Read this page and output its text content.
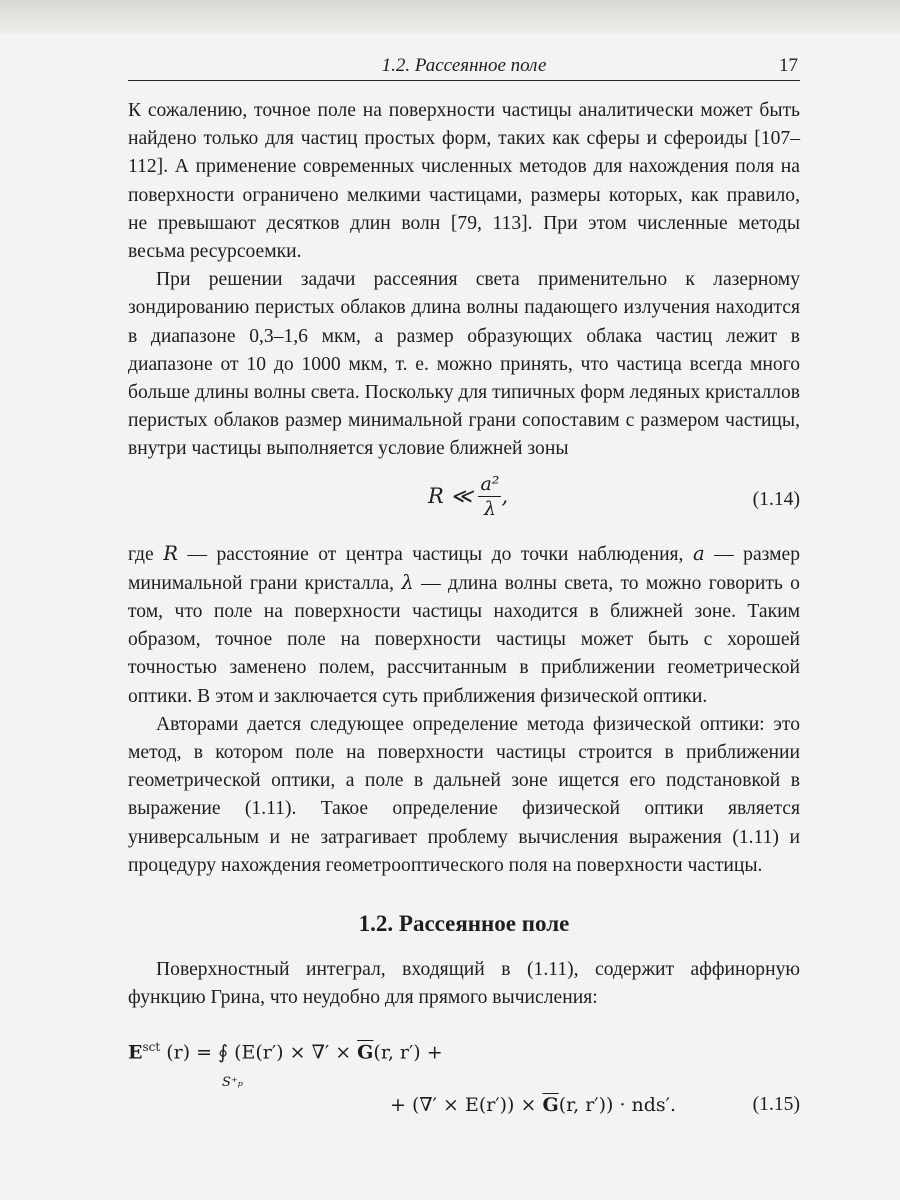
1.2. Рассеянное поле	17

К сожалению, точное поле на поверхности частицы аналитически может быть найдено только для частиц простых форм, таких как сферы и сфероиды [107–112]. А применение современных численных методов для нахождения поля на поверхности ограничено мелкими частицами, размеры которых, как правило, не превышают десятков длин волн [79, 113]. При этом численные методы весьма ресурсоемки.

При решении задачи рассеяния света применительно к лазерному зондированию перистых облаков длина волны падающего излучения находится в диапазоне 0,3–1,6 мкм, а размер образующих облака частиц лежит в диапазоне от 10 до 1000 мкм, т. е. можно принять, что частица всегда много больше длины волны света. Поскольку для типичных форм ледяных кристаллов перистых облаков размер минимальной грани сопоставим с размером частицы, внутри частицы выполняется условие ближней зоны

R ≪ $\frac{\text{a²}}{\lambda}$ ,	(1.14)

где R — расстояние от центра частицы до точки наблюдения, a — размер минимальной грани кристалла, λ — длина волны света, то можно говорить о том, что поле на поверхности частицы находится в ближней зоне. Таким образом, точное поле на поверхности частицы может быть с хорошей точностью заменено полем, рассчитанным в приближении геометрической оптики. В этом и заключается суть приближения физической оптики.

Авторами дается следующее определение метода физической оптики: это метод, в котором поле на поверхности частицы строится в приближении геометрической оптики, а поле в дальней зоне ищется его подстановкой в выражение (1.11). Такое определение физической оптики является универсальным и не затрагивает проблему вычисления выражения (1.11) и процедуру нахождения геометрооптического поля на поверхности частицы.

1.2. Рассеянное поле

Поверхностный интеграл, входящий в (1.11), содержит аффинорную функцию Грина, что неудобно для прямого вычисления:

$E^{sct}$ (r) = ∮ (E(r′) × ∇′ × $\overline{G}(r$, r′) +
S⁺ₚ
+ (∇′ × $E(r')) \times \overline{G}(r$, r′)) · nds′.	(1.15)
